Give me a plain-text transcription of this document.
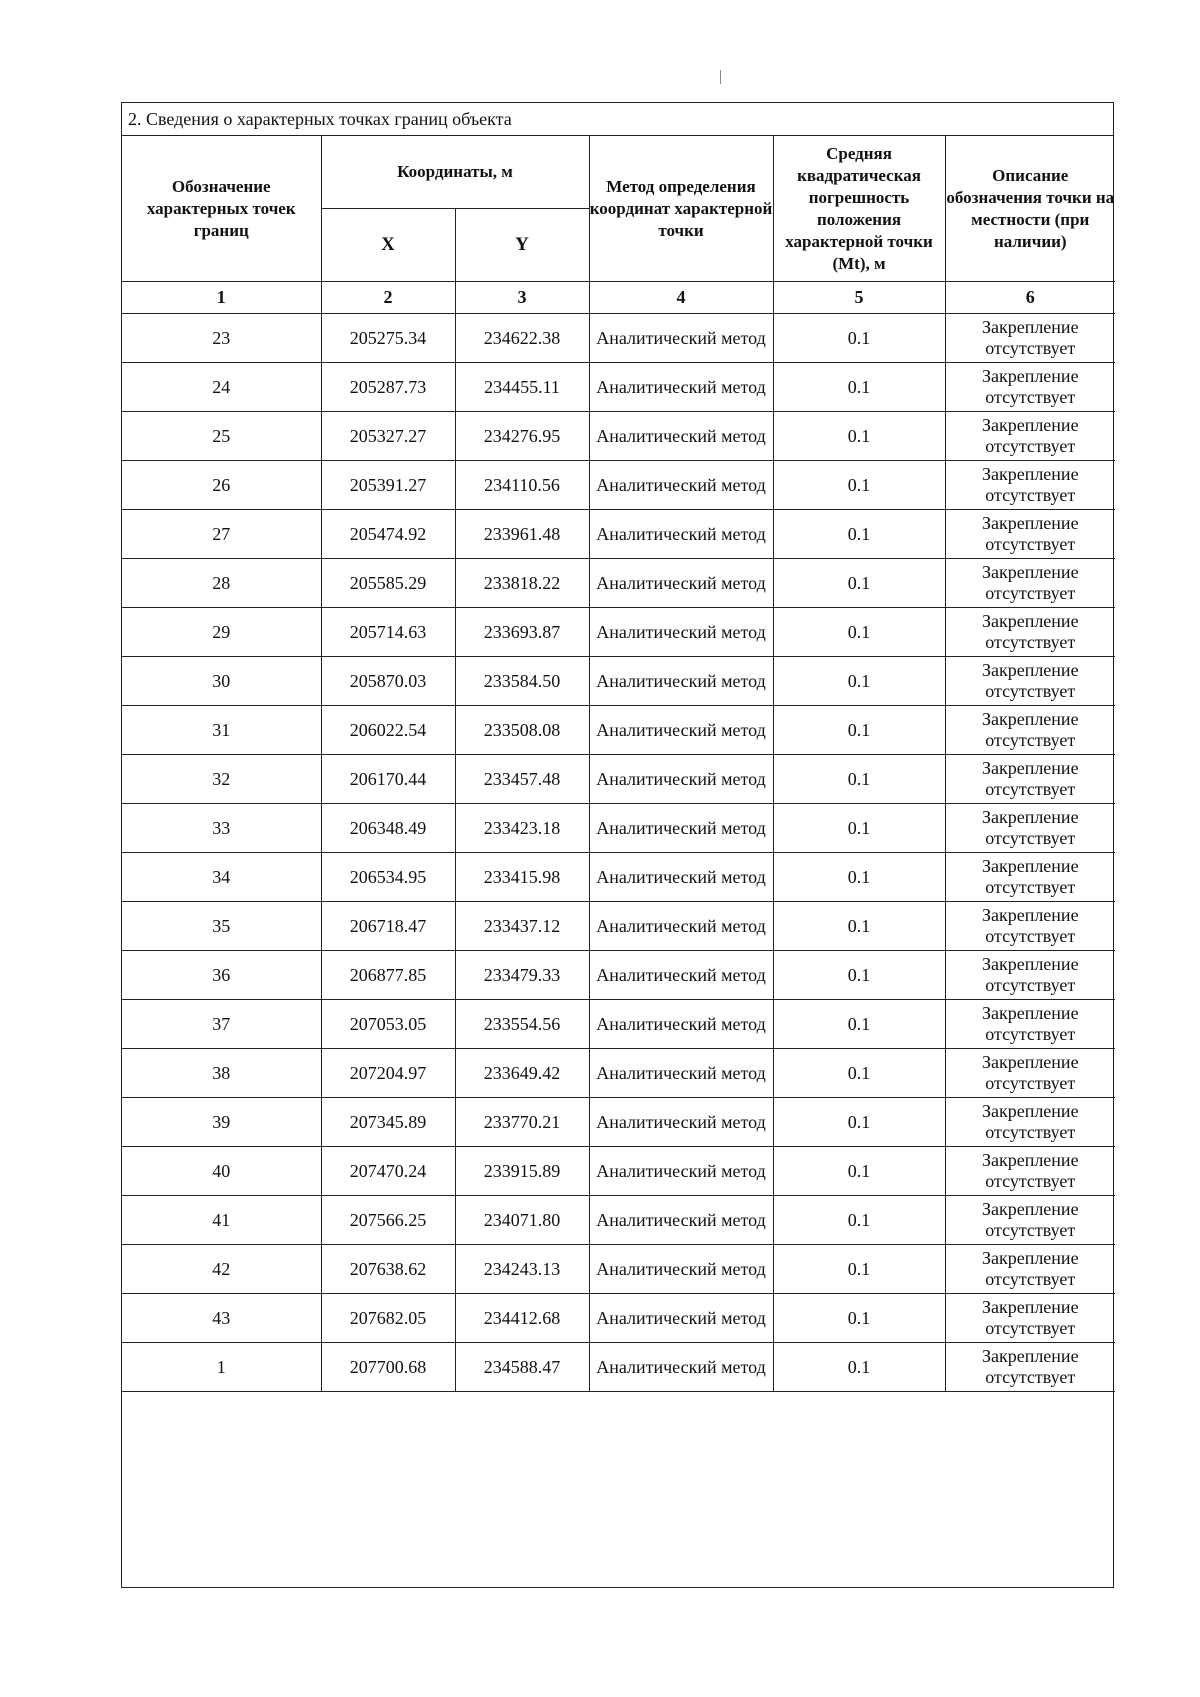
2. Сведения о характерных точках границ объекта
Обозначение характерных точек границ	Координаты, м		Метод определения координат характерной точки	Средняя квадратическая погрешность положения характерной точки (Mt), м	Описание обозначения точки на местности (при наличии)
	X	Y			
1	2	3	4	5	6
23	205275.34	234622.38	Аналитический метод	0.1	Закрепление отсутствует
24	205287.73	234455.11	Аналитический метод	0.1	Закрепление отсутствует
25	205327.27	234276.95	Аналитический метод	0.1	Закрепление отсутствует
26	205391.27	234110.56	Аналитический метод	0.1	Закрепление отсутствует
27	205474.92	233961.48	Аналитический метод	0.1	Закрепление отсутствует
28	205585.29	233818.22	Аналитический метод	0.1	Закрепление отсутствует
29	205714.63	233693.87	Аналитический метод	0.1	Закрепление отсутствует
30	205870.03	233584.50	Аналитический метод	0.1	Закрепление отсутствует
31	206022.54	233508.08	Аналитический метод	0.1	Закрепление отсутствует
32	206170.44	233457.48	Аналитический метод	0.1	Закрепление отсутствует
33	206348.49	233423.18	Аналитический метод	0.1	Закрепление отсутствует
34	206534.95	233415.98	Аналитический метод	0.1	Закрепление отсутствует
35	206718.47	233437.12	Аналитический метод	0.1	Закрепление отсутствует
36	206877.85	233479.33	Аналитический метод	0.1	Закрепление отсутствует
37	207053.05	233554.56	Аналитический метод	0.1	Закрепление отсутствует
38	207204.97	233649.42	Аналитический метод	0.1	Закрепление отсутствует
39	207345.89	233770.21	Аналитический метод	0.1	Закрепление отсутствует
40	207470.24	233915.89	Аналитический метод	0.1	Закрепление отсутствует
41	207566.25	234071.80	Аналитический метод	0.1	Закрепление отсутствует
42	207638.62	234243.13	Аналитический метод	0.1	Закрепление отсутствует
43	207682.05	234412.68	Аналитический метод	0.1	Закрепление отсутствует
1	207700.68	234588.47	Аналитический метод	0.1	Закрепление отсутствует
